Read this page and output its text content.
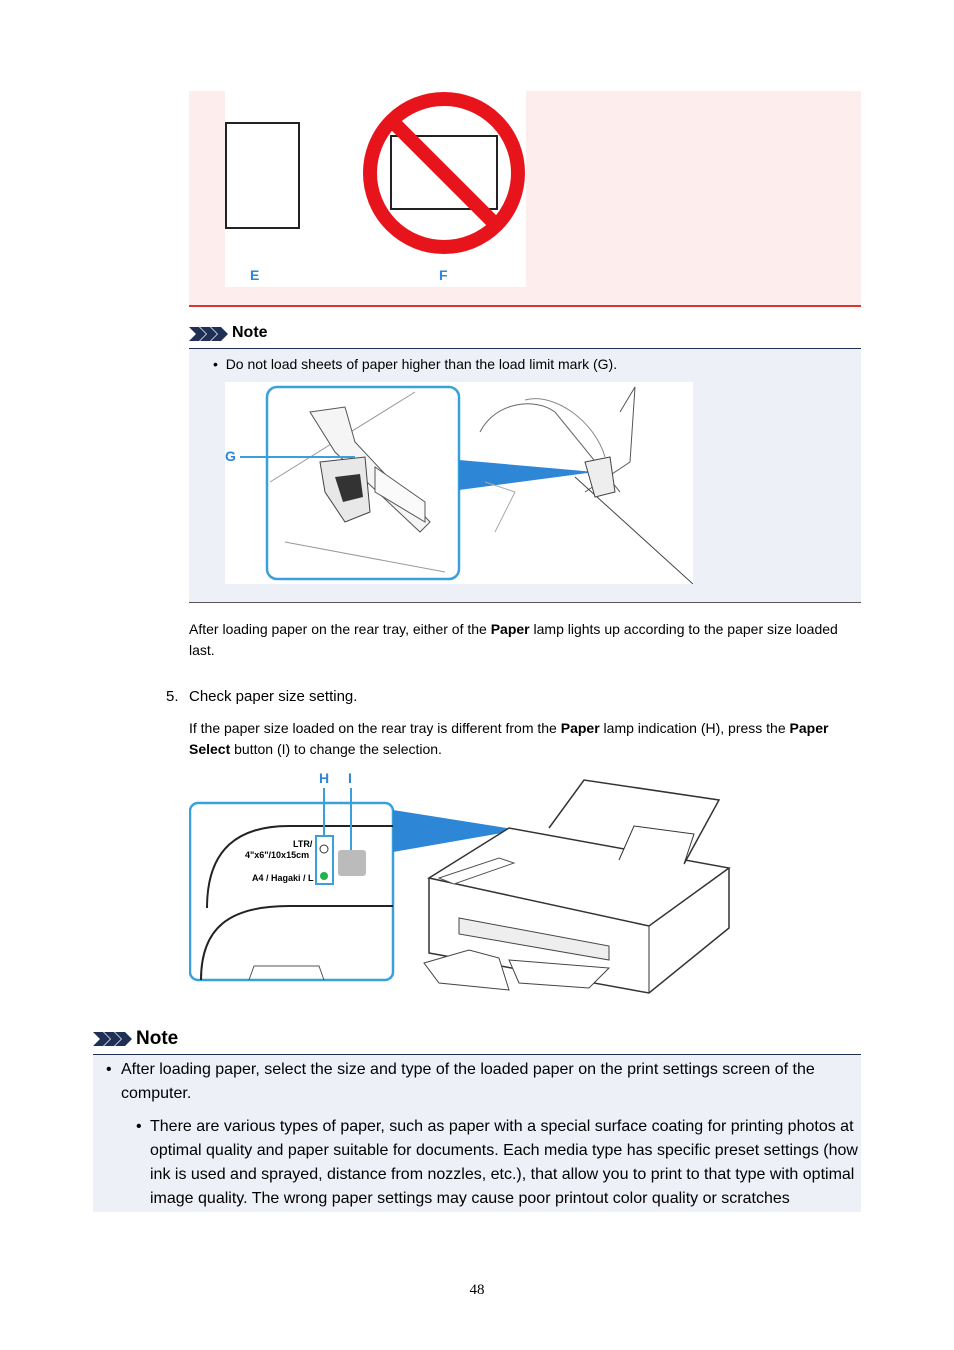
E	F
Note
•  Do not load sheets of paper higher than the load limit mark (G).
G
After loading paper on the rear tray, either of the Paper lamp lights up according to the paper size loaded last.
5. Check paper size setting.
If the paper size loaded on the rear tray is different from the Paper lamp indication (H), press the Paper Select button (I) to change the selection.
H I
LTR/
4"x6"/10x15cm
A4 / Hagaki / L
Note
• After loading paper, select the size and type of the loaded paper on the print settings screen of the computer.
• There are various types of paper, such as paper with a special surface coating for printing photos at optimal quality and paper suitable for documents. Each media type has specific preset settings (how ink is used and sprayed, distance from nozzles, etc.), that allow you to print to that type with optimal image quality. The wrong paper settings may cause poor printout color quality or scratches
48
